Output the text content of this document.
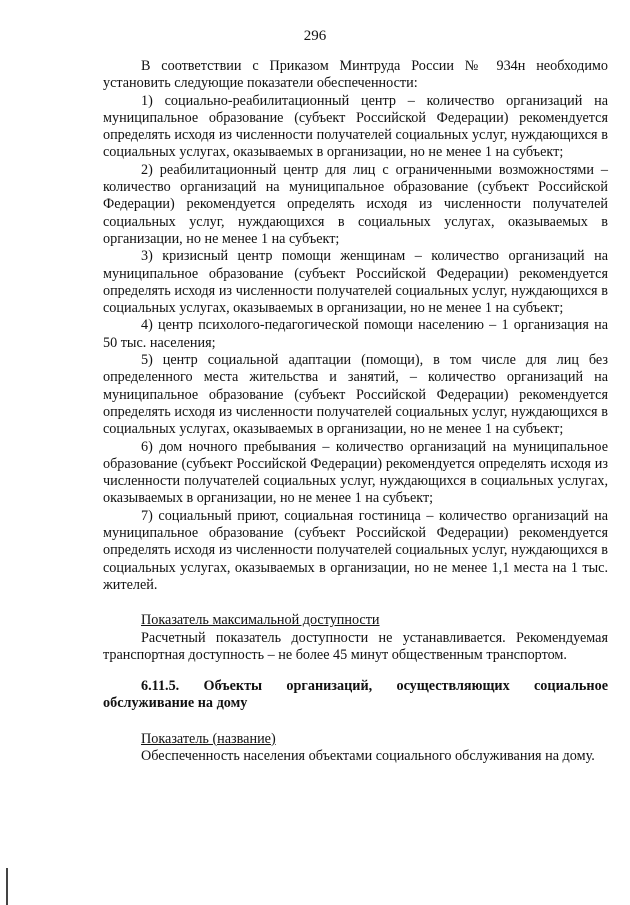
296

В соответствии с Приказом Минтруда России № 934н необходимо установить следующие показатели обеспеченности:

1) социально-реабилитационный центр – количество организаций на муниципальное образование (субъект Российской Федерации) рекомендуется определять исходя из численности получателей социальных услуг, нуждающихся в социальных услугах, оказываемых в организации, но не менее 1 на субъект;

2) реабилитационный центр для лиц с ограниченными возможностями – количество организаций на муниципальное образование (субъект Российской Федерации) рекомендуется определять исходя из численности получателей социальных услуг, нуждающихся в социальных услугах, оказываемых в организации, но не менее 1 на субъект;

3) кризисный центр помощи женщинам – количество организаций на муниципальное образование (субъект Российской Федерации) рекомендуется определять исходя из численности получателей социальных услуг, нуждающихся в социальных услугах, оказываемых в организации, но не менее 1 на субъект;

4) центр психолого-педагогической помощи населению – 1 организация на 50 тыс. населения;

5) центр социальной адаптации (помощи), в том числе для лиц без определенного места жительства и занятий, – количество организаций на муниципальное образование (субъект Российской Федерации) рекомендуется определять исходя из численности получателей социальных услуг, нуждающихся в социальных услугах, оказываемых в организации, но не менее 1 на субъект;

6) дом ночного пребывания – количество организаций на муниципальное образование (субъект Российской Федерации) рекомендуется определять исходя из численности получателей социальных услуг, нуждающихся в социальных услугах, оказываемых в организации, но не менее 1 на субъект;

7) социальный приют, социальная гостиница – количество организаций на муниципальное образование (субъект Российской Федерации) рекомендуется определять исходя из численности получателей социальных услуг, нуждающихся в социальных услугах, оказываемых в организации, но не менее 1,1 места на 1 тыс. жителей.

Показатель максимальной доступности

Расчетный показатель доступности не устанавливается. Рекомендуемая транспортная доступность – не более 45 минут общественным транспортом.

6.11.5. Объекты организаций, осуществляющих социальное обслуживание на дому

Показатель (название)

Обеспеченность населения объектами социального обслуживания на дому.
